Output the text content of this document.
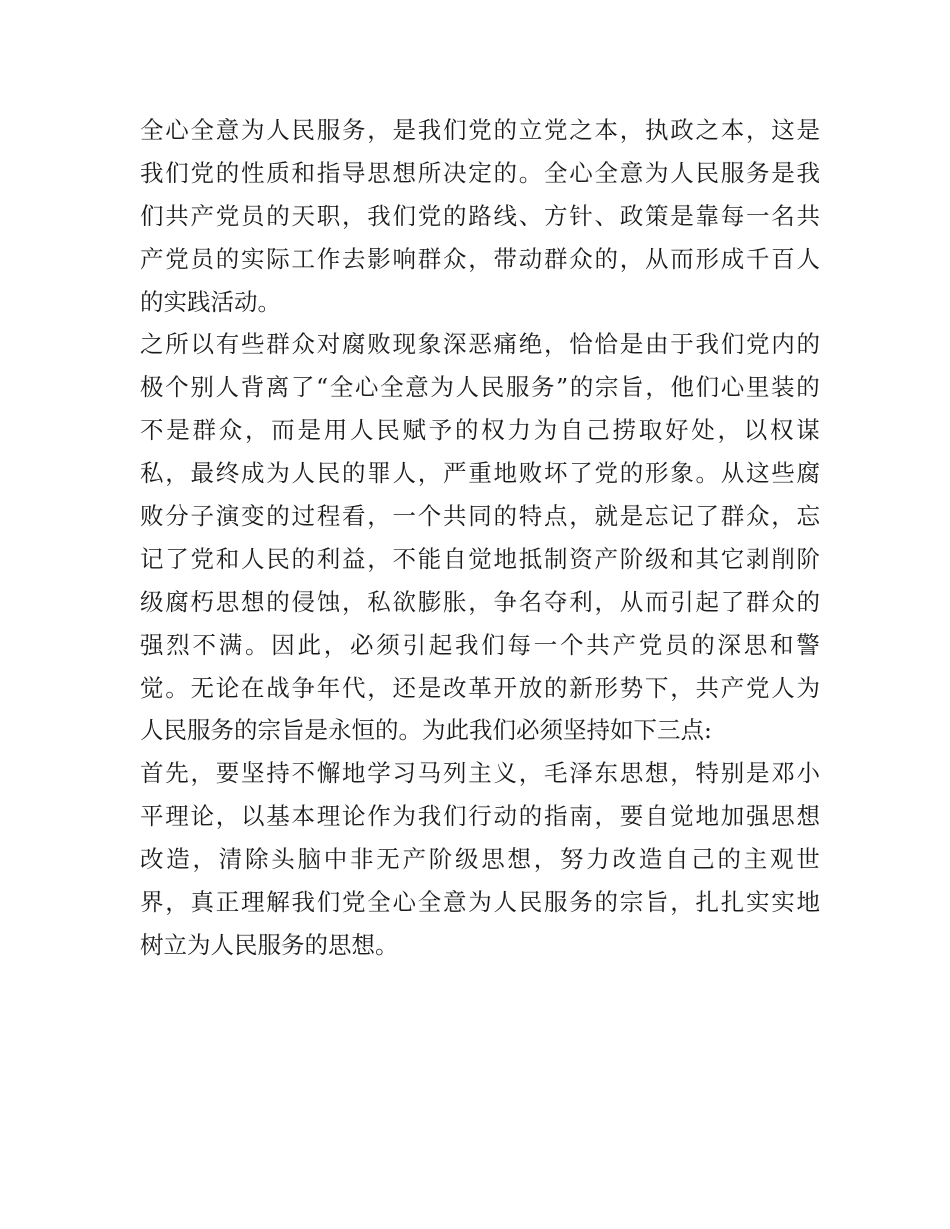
全 心 全 意 为 人 民 服 务 ， 是 我 们 党 的 立 党 之 本 ， 执 政 之 本 ， 这 是
我 们 党 的 性 质 和 指 导 思 想 所 决 定 的 。 全 心 全 意 为 人 民 服 务 是 我
们 共 产 党 员 的 天 职 ， 我 们 党 的 路 线 、 方 针 、 政 策 是 靠 每 一 名 共
产 党 员 的 实 际 工 作 去 影 响 群 众 ， 带 动 群 众 的 ， 从 而 形 成 千 百 人
的实践活动。
之 所 以 有 些 群 众 对 腐 败 现 象 深 恶 痛 绝 ， 恰 恰 是 由 于 我 们 党 内 的
极 个 别 人 背 离 了 “ 全 心 全 意 为 人 民 服 务 ” 的 宗 旨 ， 他 们 心 里 装 的
不 是 群 众 ， 而 是 用 人 民 赋 予 的 权 力 为 自 己 捞 取 好 处 ， 以 权 谋
私 ， 最 终 成 为 人 民 的 罪 人 ， 严 重 地 败 坏 了 党 的 形 象 。 从 这 些 腐
败 分 子 演 变 的 过 程 看 ， 一 个 共 同 的 特 点 ， 就 是 忘 记 了 群 众 ， 忘
记 了 党 和 人 民 的 利 益 ， 不 能 自 觉 地 抵 制 资 产 阶 级 和 其 它 剥 削 阶
级 腐 朽 思 想 的 侵 蚀 ， 私 欲 膨 胀 ， 争 名 夺 利 ， 从 而 引 起 了 群 众 的
强 烈 不 满 。 因 此 ， 必 须 引 起 我 们 每 一 个 共 产 党 员 的 深 思 和 警
觉 。 无 论 在 战 争 年 代 ， 还 是 改 革 开 放 的 新 形 势 下 ， 共 产 党 人 为
人民服务的宗旨是永恒的。为此我们必须坚持如下三点:
首 先 ， 要 坚 持 不 懈 地 学 习 马 列 主 义 ， 毛 泽 东 思 想 ， 特 别 是 邓 小
平 理 论 ， 以 基 本 理 论 作 为 我 们 行 动 的 指 南 ， 要 自 觉 地 加 强 思 想
改 造 ， 清 除 头 脑 中 非 无 产 阶 级 思 想 ， 努 力 改 造 自 己 的 主 观 世
界 ， 真 正 理 解 我 们 党 全 心 全 意 为 人 民 服 务 的 宗 旨 ， 扎 扎 实 实 地
树立为人民服务的思想。
